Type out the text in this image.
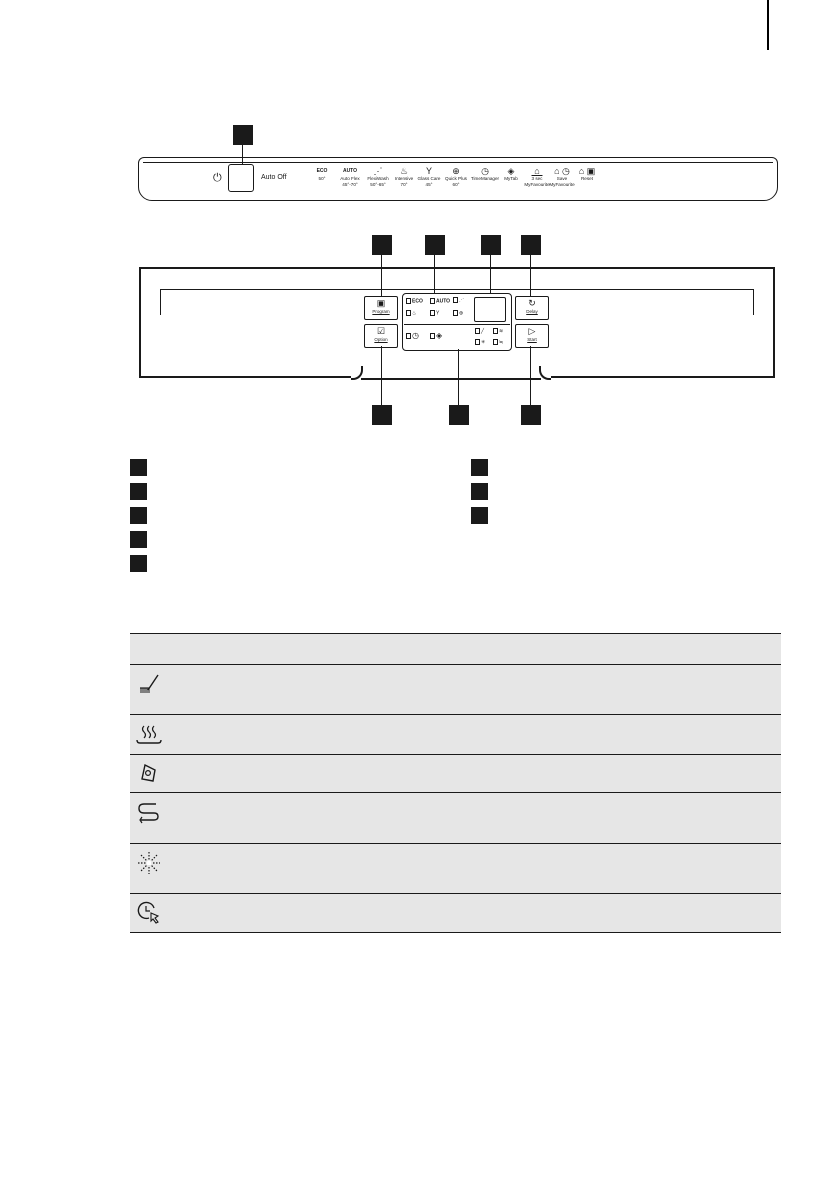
⏻	Auto Off
ECO
50°
AUTO
Auto Flex
45°-70°
⋰
FlexiWash
50°-65°
♨
Intensive
70°
Y
Glass Care
45°
⊕
Quick Plus
60°
◷
TimeManager
◈
MyTab
⌂
3 sec
MyFavourite
⌂ ◷
Save
MyFavourite
⌂ ▣
Reset
▣
Program
☑
Option
↻
Delay
▷
Start
ECO	AUTO	⋰
♨	Y	⊕
◷	◈	╱	≋
✳	≒
